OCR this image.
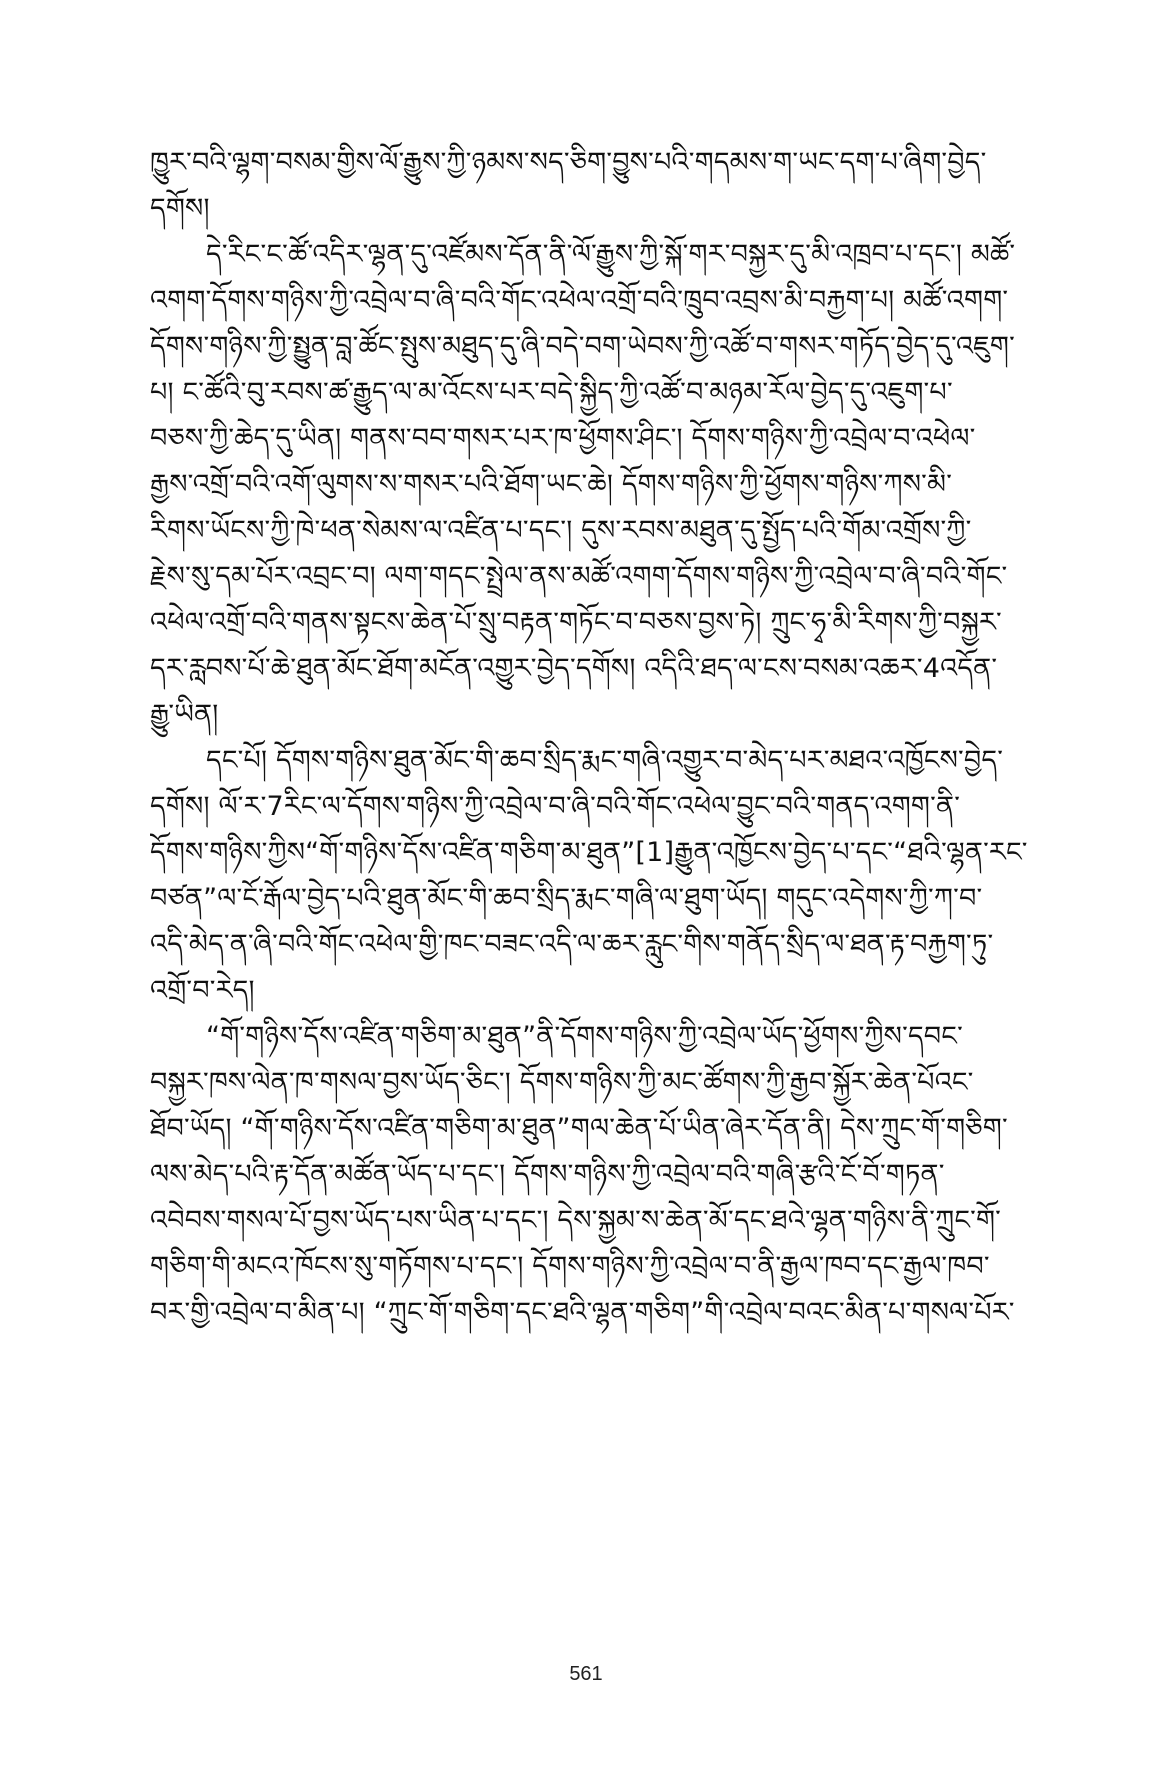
ཁྱུར་བའི་ལྷག་བསམ་གྱིས་ལོ་རྒྱུས་ཀྱི་ཉམས་སད་ཅིག་བྱུས་པའི་གདམས་ག་ཡང་དག་པ་ཞིག་བྱེད་
དགོས།
དེ་རིང་ང་ཚོ་འདིར་ལྷན་དུ་འཛོམས་དོན་ནི་ལོ་རྒྱུས་ཀྱི་སྐོ་གར་བསྐྱར་དུ་མི་འཁྲབ་པ་དང་། མཚོ་
འགག་དོགས་གཉིས་ཀྱི་འབྲེལ་བ་ཞི་བའི་གོང་འཕེལ་འགྲོ་བའི་ཁྲུབ་འབྲས་མི་བརྐྱག་པ། མཚོ་འགག་
དོགས་གཉིས་ཀྱི་སྤྱུན་བླ་ཚོང་སྤུས་མཐུད་དུ་ཞི་བདེ་བག་ཡེབས་ཀྱི་འཚོ་བ་གསར་གཏོད་བྱེད་དུ་འཇུག་
པ། ང་ཚོའི་བུ་རབས་ཚ་རྒྱུད་ལ་མ་འོངས་པར་བདེ་སྐྱིད་ཀྱི་འཚོ་བ་མཉམ་རོལ་བྱེད་དུ་འཇུག་པ་
བཅས་ཀྱི་ཆེད་དུ་ཡིན། གནས་བབ་གསར་པར་ཁ་ཕྱོགས་ཤིང་། དོགས་གཉིས་ཀྱི་འབྲེལ་བ་འཕེལ་
རྒྱས་འགྲོ་བའི་འགོ་ལུགས་ས་གསར་པའི་ཐོག་ཡང་ཆེ། དོགས་གཉིས་ཀྱི་ཕྱོགས་གཉིས་ཀས་མི་
རིགས་ཡོངས་ཀྱི་ཁེ་ཕན་སེམས་ལ་འཛིན་པ་དང་། དུས་རབས་མཐུན་དུ་སྤྱོད་པའི་གོམ་འགྲོས་ཀྱི་
རྗེས་སུ་དམ་པོར་འབྲང་བ། ལག་གདང་སྤྲེལ་ནས་མཚོ་འགག་དོགས་གཉིས་ཀྱི་འབྲེལ་བ་ཞི་བའི་གོང་
འཕེལ་འགྲོ་བའི་གནས་སྟངས་ཆེན་པོ་སྲུ་བརྟན་གཏོང་བ་བཅས་བྱས་ཏེ། ཀྲུང་ཧྭ་མི་རིགས་ཀྱི་བསྐྱར་
དར་རླབས་པོ་ཆེ་ཐུན་མོང་ཐོག་མངོན་འགྱུར་བྱེད་དགོས། འདིའི་ཐད་ལ་ངས་བསམ་འཆར་4འདོན་
རྒྱུ་ཡིན།
དང་པོ། དོགས་གཉིས་ཐུན་མོང་གི་ཆབ་སྲིད་རྨང་གཞི་འགྱུར་བ་མེད་པར་མཐའ་འཁྱོངས་བྱེད་
དགོས། ལོ་ར་7རིང་ལ་དོགས་གཉིས་ཀྱི་འབྲེལ་བ་ཞི་བའི་གོང་འཕེལ་བྱུང་བའི་གནད་འགག་ནི་
དོགས་གཉིས་ཀྱིས“གོ་གཉིས་དོས་འཛིན་གཅིག་མ་ཐུན”[1]རྒྱུན་འཁྱོངས་བྱེད་པ་དང་“ཐའི་ལྷན་རང་
བཙན”ལ་ངོ་རྒོལ་བྱེད་པའི་ཐུན་མོང་གི་ཆབ་སྲིད་རྨང་གཞི་ལ་ཐུག་ཡོད། གདུང་འདེགས་ཀྱི་ཀ་བ་
འདི་མེད་ན་ཞི་བའི་གོང་འཕེལ་གྱི་ཁང་བཟང་འདི་ལ་ཆར་རླུང་གིས་གནོད་སྲིད་ལ་ཐན་རྟ་བརྐྱག་ཏུ་
འགྲོ་བ་རེད།
“གོ་གཉིས་དོས་འཛིན་གཅིག་མ་ཐུན”ནི་དོགས་གཉིས་ཀྱི་འབྲེལ་ཡོད་ཕྱོགས་ཀྱིས་དབང་
བསྐྱར་ཁས་ལེན་ཁ་གསལ་བྱས་ཡོད་ཅིང་། དོགས་གཉིས་ཀྱི་མང་ཚོགས་ཀྱི་རྒྱབ་སྐྱོར་ཆེན་པོའང་
ཐོབ་ཡོད། “གོ་གཉིས་དོས་འཛིན་གཅིག་མ་ཐུན”གལ་ཆེན་པོ་ཡིན་ཞེར་དོན་ནི། དེས་ཀྲུང་གོ་གཅིག་
ལས་མེད་པའི་རྟ་དོན་མཚོན་ཡོད་པ་དང་། དོགས་གཉིས་ཀྱི་འབྲེལ་བའི་གཞི་རྩའི་ངོ་བོ་གཏན་
འབེབས་གསལ་པོ་བྱས་ཡོད་པས་ཡིན་པ་དང་། དེས་སྐྱམ་ས་ཆེན་མོ་དང་ཐའེ་ལྷན་གཉིས་ནི་ཀྲུང་གོ་
གཅིག་གི་མངའ་ཁོངས་སུ་གཏོགས་པ་དང་། དོགས་གཉིས་ཀྱི་འབྲེལ་བ་ནི་རྒྱལ་ཁབ་དང་རྒྱལ་ཁབ་
བར་གྱི་འབྲེལ་བ་མིན་པ། “ཀྲུང་གོ་གཅིག་དང་ཐའི་ལྷན་གཅིག”གི་འབྲེལ་བའང་མིན་པ་གསལ་པོར་
561
